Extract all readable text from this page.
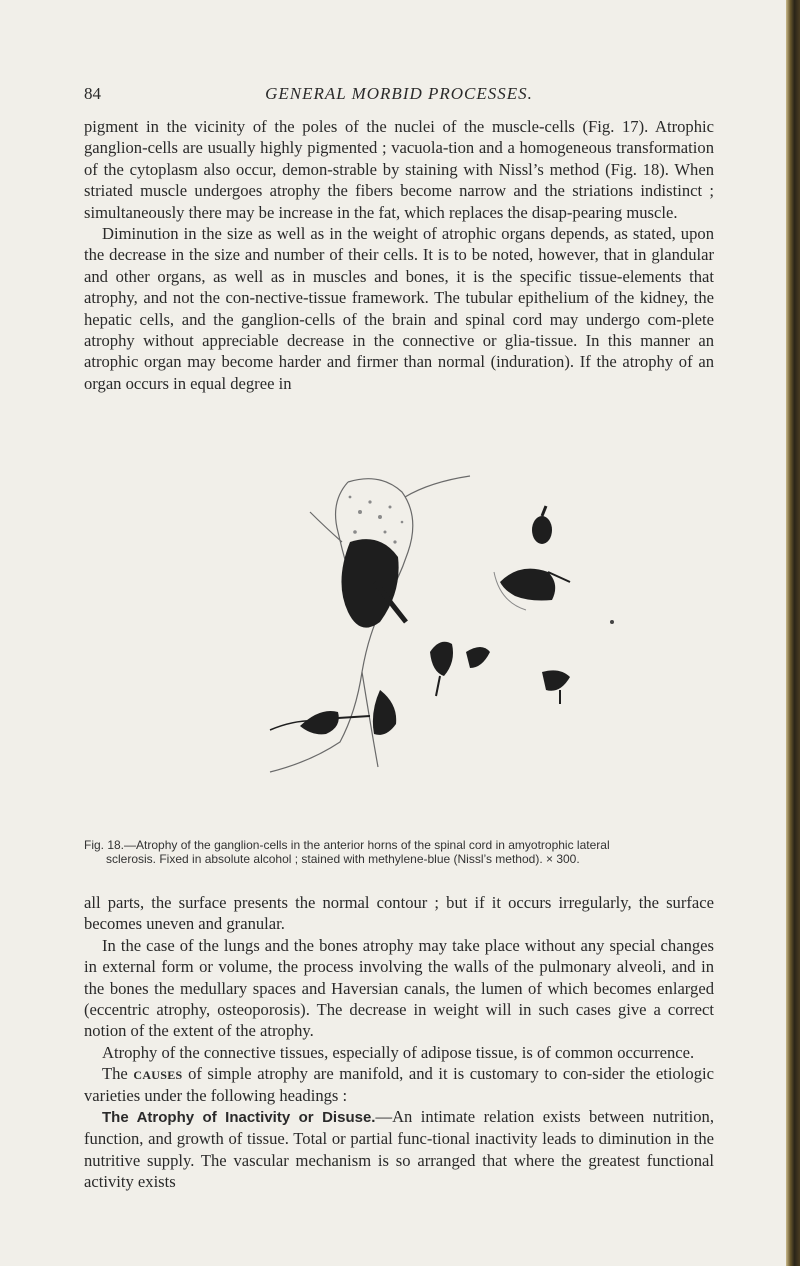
84	GENERAL MORBID PROCESSES.

pigment in the vicinity of the poles of the nuclei of the muscle-cells (Fig. 17). Atrophic ganglion-cells are usually highly pigmented ; vacuola-tion and a homogeneous transformation of the cytoplasm also occur, demon-strable by staining with Nissl’s method (Fig. 18). When striated muscle undergoes atrophy the fibers become narrow and the striations indistinct ; simultaneously there may be increase in the fat, which replaces the disap-pearing muscle.

Diminution in the size as well as in the weight of atrophic organs depends, as stated, upon the decrease in the size and number of their cells. It is to be noted, however, that in glandular and other organs, as well as in muscles and bones, it is the specific tissue-elements that atrophy, and not the con-nective-tissue framework. The tubular epithelium of the kidney, the hepatic cells, and the ganglion-cells of the brain and spinal cord may undergo com-plete atrophy without appreciable decrease in the connective or glia-tissue. In this manner an atrophic organ may become harder and firmer than normal (induration). If the atrophy of an organ occurs in equal degree in

Fig. 18.—Atrophy of the ganglion-cells in the anterior horns of the spinal cord in amyotrophic lateral
sclerosis. Fixed in absolute alcohol ; stained with methylene-blue (Nissl’s method). × 300.

all parts, the surface presents the normal contour ; but if it occurs irregularly, the surface becomes uneven and granular.

In the case of the lungs and the bones atrophy may take place without any special changes in external form or volume, the process involving the walls of the pulmonary alveoli, and in the bones the medullary spaces and Haversian canals, the lumen of which becomes enlarged (eccentric atrophy, osteoporosis). The decrease in weight will in such cases give a correct notion of the extent of the atrophy.

Atrophy of the connective tissues, especially of adipose tissue, is of common occurrence.

The causes of simple atrophy are manifold, and it is customary to con-sider the etiologic varieties under the following headings :

The Atrophy of Inactivity or Disuse.—An intimate relation exists between nutrition, function, and growth of tissue. Total or partial func-tional inactivity leads to diminution in the nutritive supply. The vascular mechanism is so arranged that where the greatest functional activity exists
